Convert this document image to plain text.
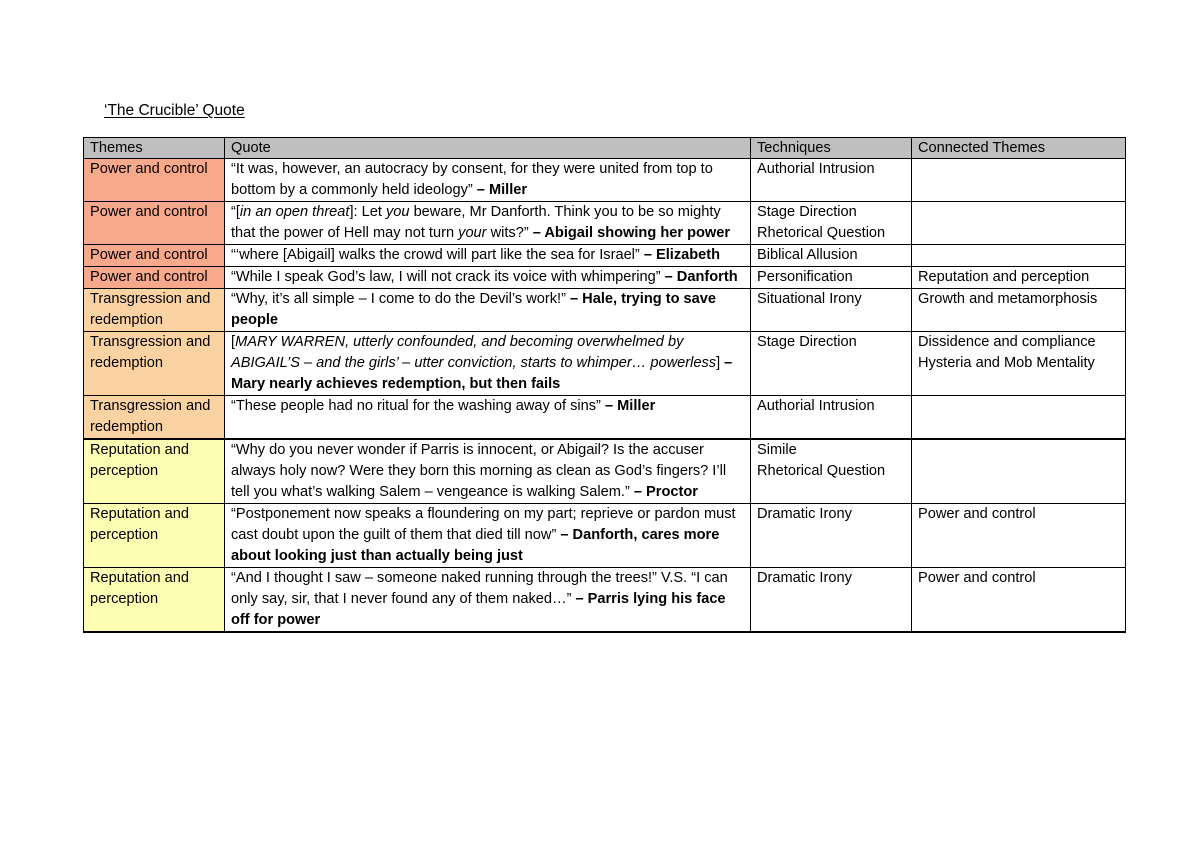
‘The Crucible’ Quote
Themes	Quote	Techniques	Connected Themes
Power and control	“It was, however, an autocracy by consent, for they were united from top to bottom by a commonly held ideology” – Miller	Authorial Intrusion	

Power and control	“[in an open threat]: Let you beware, Mr Danforth. Think you to be so mighty that the power of Hell may not turn your wits?” – Abigail showing her power	Stage Direction
Rhetorical Question	

Power and control	“‘where [Abigail] walks the crowd will part like the sea for Israel” – Elizabeth	Biblical Allusion	

Power and control	“While I speak God’s law, I will not crack its voice with whimpering” – Danforth	Personification	Reputation and perception

Transgression and redemption	“Why, it’s all simple – I come to do the Devil’s work!” – Hale, trying to save people	Situational Irony	Growth and metamorphosis

Transgression and redemption	[MARY WARREN, utterly confounded, and becoming overwhelmed by ABIGAIL’S – and the girls’ – utter conviction, starts to whimper… powerless] – Mary nearly achieves redemption, but then fails	Stage Direction	Dissidence and compliance
Hysteria and Mob Mentality

Transgression and redemption	“These people had no ritual for the washing away of sins” – Miller	Authorial Intrusion	

Reputation and perception	“Why do you never wonder if Parris is innocent, or Abigail? Is the accuser always holy now? Were they born this morning as clean as God’s fingers? I’ll tell you what’s walking Salem – vengeance is walking Salem.” – Proctor	Simile
Rhetorical Question	

Reputation and perception	“Postponement now speaks a floundering on my part; reprieve or pardon must cast doubt upon the guilt of them that died till now” – Danforth, cares more about looking just than actually being just	Dramatic Irony	Power and control

Reputation and perception	“And I thought I saw – someone naked running through the trees!” V.S. “I can only say, sir, that I never found any of them naked…” – Parris lying his face off for power	Dramatic Irony	Power and control
